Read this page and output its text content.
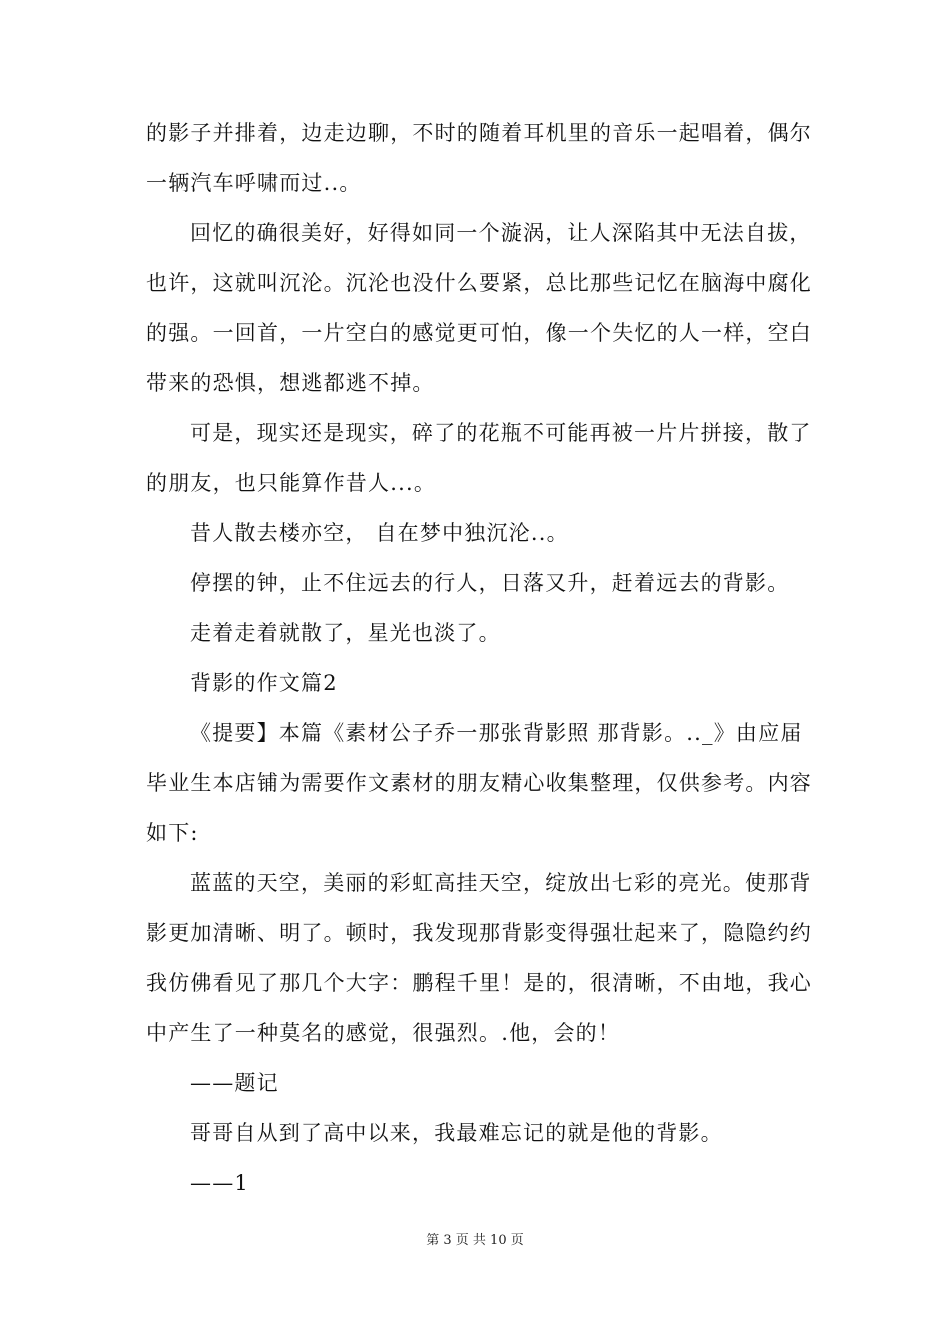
的影子并排着，边走边聊，不时的随着耳机里的音乐一起唱着，偶尔
一辆汽车呼啸而过..。
回忆的确很美好，好得如同一个漩涡，让人深陷其中无法自拔，
也许，这就叫沉沦。沉沦也没什么要紧，总比那些记忆在脑海中腐化
的强。一回首，一片空白的感觉更可怕，像一个失忆的人一样，空白
带来的恐惧，想逃都逃不掉。
可是，现实还是现实，碎了的花瓶不可能再被一片片拼接，散了
的朋友，也只能算作昔人...。
昔人散去楼亦空， 自在梦中独沉沦..。
停摆的钟，止不住远去的行人，日落又升，赶着远去的背影。
走着走着就散了，星光也淡了。
背影的作文篇2
《提要】本篇《素材公子乔一那张背影照 那背影。.._》由应届
毕业生本店铺为需要作文素材的朋友精心收集整理，仅供参考。内容
如下:
蓝蓝的天空，美丽的彩虹高挂天空，绽放出七彩的亮光。使那背
影更加清晰、明了。顿时，我发现那背影变得强壮起来了，隐隐约约
我仿佛看见了那几个大字：鹏程千里！是的，很清晰，不由地，我心
中产生了一种莫名的感觉，很强烈。.他，会的！
——题记
哥哥自从到了高中以来，我最难忘记的就是他的背影。
——1
第 3 页 共 10 页
